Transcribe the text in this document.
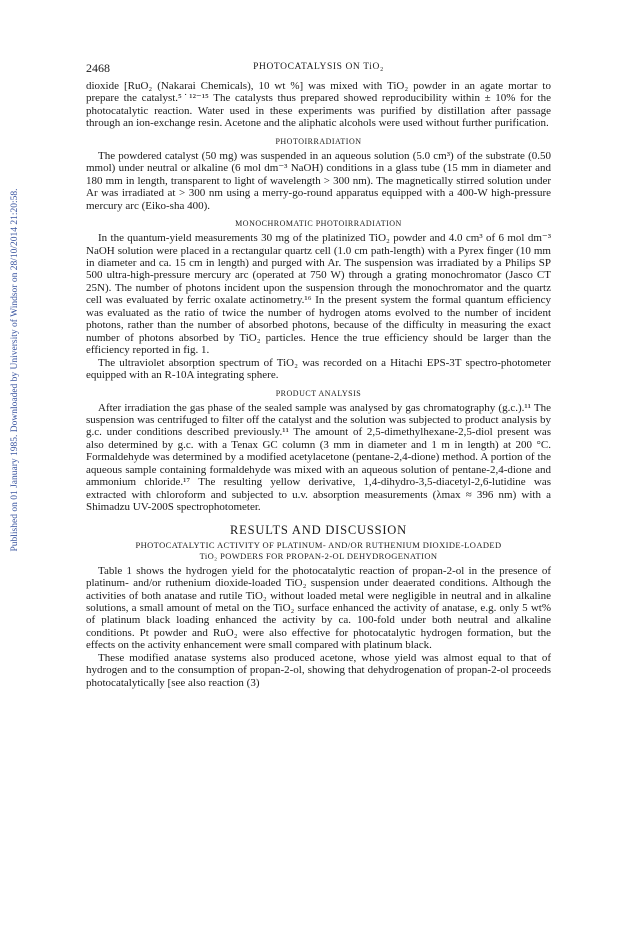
Published on 01 January 1985. Downloaded by University of Windsor on 28/10/2014 21:20:58.
2468	PHOTOCATALYSIS ON TiO₂

dioxide [RuO₂ (Nakarai Chemicals), 10 wt %] was mixed with TiO₂ powder in an agate mortar to prepare the catalyst.⁵˙¹²⁻¹⁵ The catalysts thus prepared showed reproducibility within ± 10% for the photocatalytic reaction. Water used in these experiments was purified by distillation after passage through an ion-exchange resin. Acetone and the aliphatic alcohols were used without further purification.

PHOTOIRRADIATION

The powdered catalyst (50 mg) was suspended in an aqueous solution (5.0 cm³) of the substrate (0.50 mmol) under neutral or alkaline (6 mol dm⁻³ NaOH) conditions in a glass tube (15 mm in diameter and 180 mm in length, transparent to light of wavelength > 300 nm). The magnetically stirred solution under Ar was irradiated at > 300 nm using a merry-go-round apparatus equipped with a 400-W high-pressure mercury arc (Eiko-sha 400).

MONOCHROMATIC PHOTOIRRADIATION

In the quantum-yield measurements 30 mg of the platinized TiO₂ powder and 4.0 cm³ of 6 mol dm⁻³ NaOH solution were placed in a rectangular quartz cell (1.0 cm path-length) with a Pyrex finger (10 mm in diameter and ca. 15 cm in length) and purged with Ar. The suspension was irradiated by a Philips SP 500 ultra-high-pressure mercury arc (operated at 750 W) through a grating monochromator (Jasco CT 25N). The number of photons incident upon the suspension through the monochromator and the quartz cell was evaluated by ferric oxalate actinometry.¹⁶ In the present system the formal quantum efficiency was evaluated as the ratio of twice the number of hydrogen atoms evolved to the number of incident photons, rather than the number of absorbed photons, because of the difficulty in measuring the exact number of photons absorbed by TiO₂ particles. Hence the true efficiency should be larger than the efficiency reported in fig. 1.

The ultraviolet absorption spectrum of TiO₂ was recorded on a Hitachi EPS-3T spectro-photometer equipped with an R-10A integrating sphere.

PRODUCT ANALYSIS

After irradiation the gas phase of the sealed sample was analysed by gas chromatography (g.c.).¹¹ The suspension was centrifuged to filter off the catalyst and the solution was subjected to product analysis by g.c. under conditions described previously.¹¹ The amount of 2,5-dimethylhexane-2,5-diol present was also determined by g.c. with a Tenax GC column (3 mm in diameter and 1 m in length) at 200 °C. Formaldehyde was determined by a modified acetylacetone (pentane-2,4-dione) method. A portion of the aqueous sample containing formaldehyde was mixed with an aqueous solution of pentane-2,4-dione and ammonium chloride.¹⁷ The resulting yellow derivative, 1,4-dihydro-3,5-diacetyl-2,6-lutidine was extracted with chloroform and subjected to u.v. absorption measurements (λmax ≈ 396 nm) with a Shimadzu UV-200S spectrophotometer.

RESULTS AND DISCUSSION
PHOTOCATALYTIC ACTIVITY OF PLATINUM- AND/OR RUTHENIUM DIOXIDE-LOADED
TiO₂ POWDERS FOR PROPAN-2-OL DEHYDROGENATION

Table 1 shows the hydrogen yield for the photocatalytic reaction of propan-2-ol in the presence of platinum- and/or ruthenium dioxide-loaded TiO₂ suspension under deaerated conditions. Although the activities of both anatase and rutile TiO₂ without loaded metal were negligible in neutral and in alkaline solutions, a small amount of metal on the TiO₂ surface enhanced the activity of anatase, e.g. only 5 wt% of platinum black loading enhanced the activity by ca. 100-fold under both neutral and alkaline conditions. Pt powder and RuO₂ were also effective for photocatalytic hydrogen formation, but the effects on the activity enhancement were small compared with platinum black.

These modified anatase systems also produced acetone, whose yield was almost equal to that of hydrogen and to the consumption of propan-2-ol, showing that dehydrogenation of propan-2-ol proceeds photocatalytically [see also reaction (3)
